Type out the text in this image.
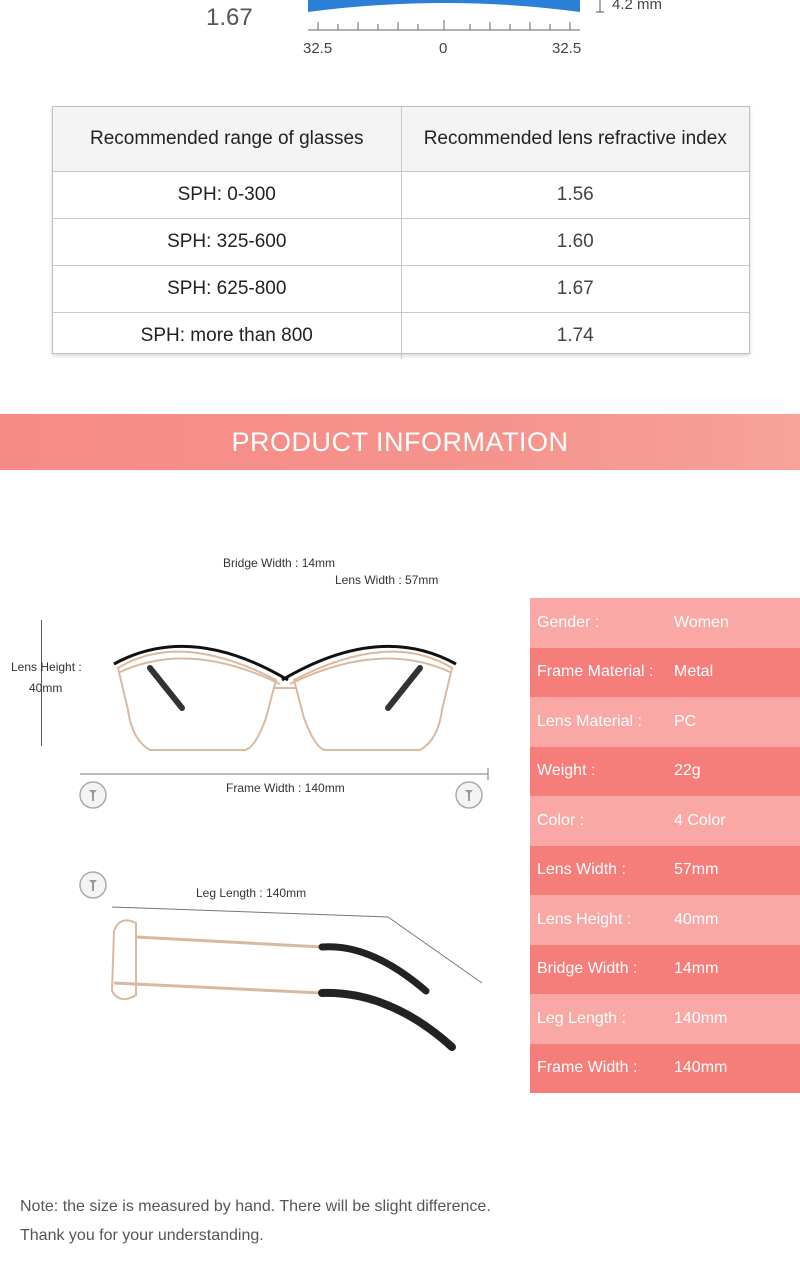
1.67	4.2 mm
32.5	0	32.5
Recommended range of glasses	Recommended lens refractive index
SPH: 0-300	1.56
SPH: 325-600	1.60
SPH: 625-800	1.67
SPH: more than 800	1.74
PRODUCT INFORMATION
Bridge Width : 14mm
Lens Width : 57mm
Lens Height :
40mm
Frame Width : 140mm
Leg Length : 140mm
Gender :	Women
Frame Material :	Metal
Lens Material :	PC
Weight :	22g
Color :	4 Color
Lens Width :	57mm
Lens Height :	40mm
Bridge Width :	14mm
Leg Length :	140mm
Frame Width :	140mm
Note: the size is measured by hand. There will be slight difference.
Thank you for your understanding.
